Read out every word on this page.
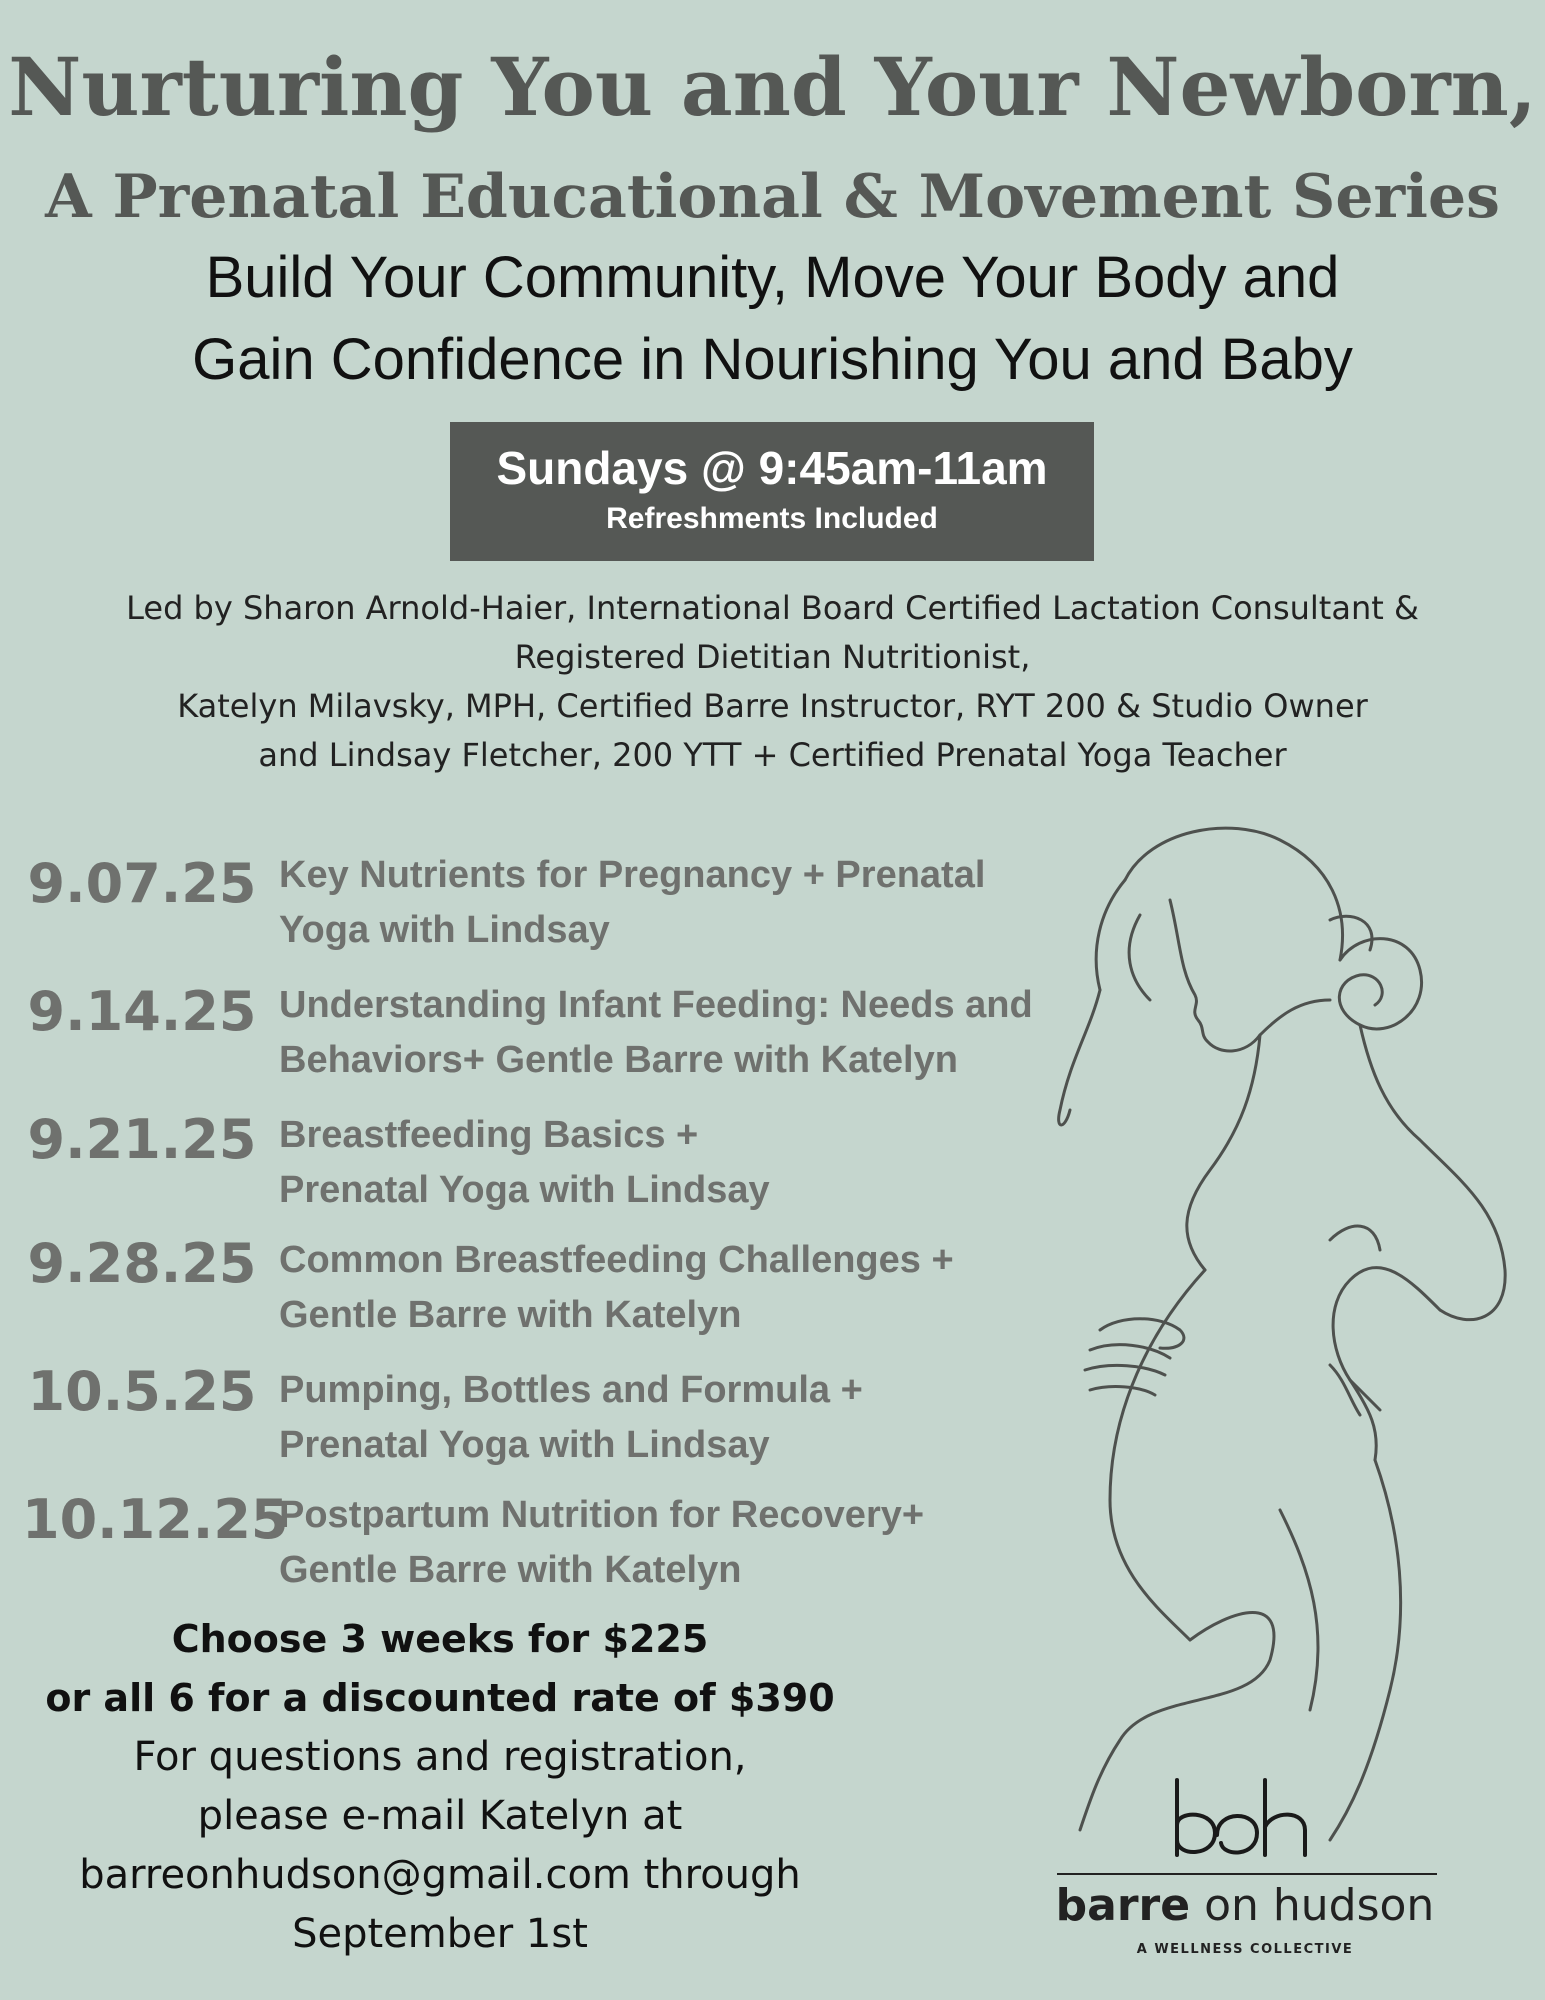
Nurturing You and Your Newborn,
A Prenatal Educational & Movement Series
Build Your Community, Move Your Body and
Gain Confidence in Nourishing You and Baby
Sundays @ 9:45am-11am
Refreshments Included
Led by Sharon Arnold-Haier, International Board Certified Lactation Consultant &
Registered Dietitian Nutritionist,
Katelyn Milavsky, MPH, Certified Barre Instructor, RYT 200 & Studio Owner
and Lindsay Fletcher, 200 YTT + Certified Prenatal Yoga Teacher
9.07.25 Key Nutrients for Pregnancy + Prenatal
Yoga with Lindsay
9.14.25 Understanding Infant Feeding: Needs and
Behaviors+ Gentle Barre with Katelyn
9.21.25 Breastfeeding Basics +
Prenatal Yoga with Lindsay
9.28.25 Common Breastfeeding Challenges +
Gentle Barre with Katelyn
10.5.25 Pumping, Bottles and Formula +
Prenatal Yoga with Lindsay
10.12.25
Postpartum Nutrition for Recovery+
Gentle Barre with Katelyn
Choose 3 weeks for $225
or all 6 for a discounted rate of $390
For questions and registration,
please e-mail Katelyn at
barreonhudson@gmail.com through
September 1st
barre on hudson
A WELLNESS COLLECTIVE
